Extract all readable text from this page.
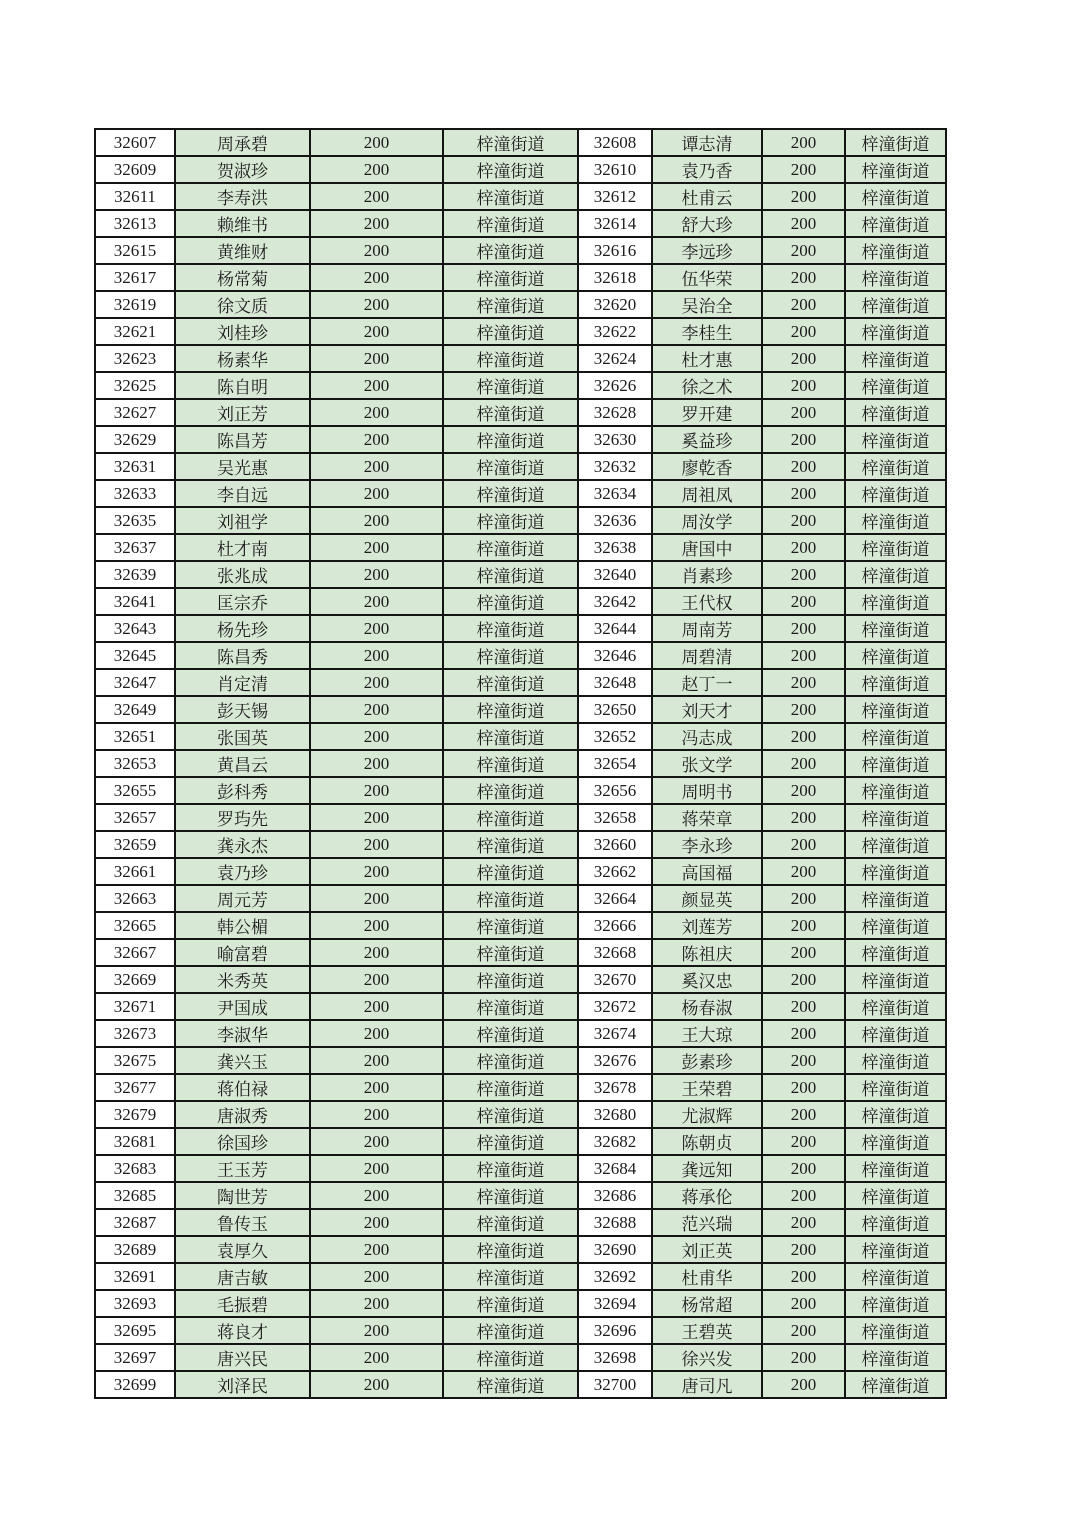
32607	周承碧	200	梓潼街道	32608	谭志清	200	梓潼街道
32609	贺淑珍	200	梓潼街道	32610	袁乃香	200	梓潼街道
32611	李寿洪	200	梓潼街道	32612	杜甫云	200	梓潼街道
32613	赖维书	200	梓潼街道	32614	舒大珍	200	梓潼街道
32615	黄维财	200	梓潼街道	32616	李远珍	200	梓潼街道
32617	杨常菊	200	梓潼街道	32618	伍华荣	200	梓潼街道
32619	徐文质	200	梓潼街道	32620	吴治全	200	梓潼街道
32621	刘桂珍	200	梓潼街道	32622	李桂生	200	梓潼街道
32623	杨素华	200	梓潼街道	32624	杜才惠	200	梓潼街道
32625	陈自明	200	梓潼街道	32626	徐之术	200	梓潼街道
32627	刘正芳	200	梓潼街道	32628	罗开建	200	梓潼街道
32629	陈昌芳	200	梓潼街道	32630	奚益珍	200	梓潼街道
32631	吴光惠	200	梓潼街道	32632	廖乾香	200	梓潼街道
32633	李自远	200	梓潼街道	32634	周祖凤	200	梓潼街道
32635	刘祖学	200	梓潼街道	32636	周汝学	200	梓潼街道
32637	杜才南	200	梓潼街道	32638	唐国中	200	梓潼街道
32639	张兆成	200	梓潼街道	32640	肖素珍	200	梓潼街道
32641	匡宗乔	200	梓潼街道	32642	王代权	200	梓潼街道
32643	杨先珍	200	梓潼街道	32644	周南芳	200	梓潼街道
32645	陈昌秀	200	梓潼街道	32646	周碧清	200	梓潼街道
32647	肖定清	200	梓潼街道	32648	赵丁一	200	梓潼街道
32649	彭天锡	200	梓潼街道	32650	刘天才	200	梓潼街道
32651	张国英	200	梓潼街道	32652	冯志成	200	梓潼街道
32653	黄昌云	200	梓潼街道	32654	张文学	200	梓潼街道
32655	彭科秀	200	梓潼街道	32656	周明书	200	梓潼街道
32657	罗玙先	200	梓潼街道	32658	蒋荣章	200	梓潼街道
32659	龚永杰	200	梓潼街道	32660	李永珍	200	梓潼街道
32661	袁乃珍	200	梓潼街道	32662	高国福	200	梓潼街道
32663	周元芳	200	梓潼街道	32664	颜显英	200	梓潼街道
32665	韩公楣	200	梓潼街道	32666	刘莲芳	200	梓潼街道
32667	喻富碧	200	梓潼街道	32668	陈祖庆	200	梓潼街道
32669	米秀英	200	梓潼街道	32670	奚汉忠	200	梓潼街道
32671	尹国成	200	梓潼街道	32672	杨春淑	200	梓潼街道
32673	李淑华	200	梓潼街道	32674	王大琼	200	梓潼街道
32675	龚兴玉	200	梓潼街道	32676	彭素珍	200	梓潼街道
32677	蒋伯禄	200	梓潼街道	32678	王荣碧	200	梓潼街道
32679	唐淑秀	200	梓潼街道	32680	尤淑辉	200	梓潼街道
32681	徐国珍	200	梓潼街道	32682	陈朝贞	200	梓潼街道
32683	王玉芳	200	梓潼街道	32684	龚远知	200	梓潼街道
32685	陶世芳	200	梓潼街道	32686	蒋承伦	200	梓潼街道
32687	鲁传玉	200	梓潼街道	32688	范兴瑞	200	梓潼街道
32689	袁厚久	200	梓潼街道	32690	刘正英	200	梓潼街道
32691	唐吉敏	200	梓潼街道	32692	杜甫华	200	梓潼街道
32693	毛振碧	200	梓潼街道	32694	杨常超	200	梓潼街道
32695	蒋良才	200	梓潼街道	32696	王碧英	200	梓潼街道
32697	唐兴民	200	梓潼街道	32698	徐兴发	200	梓潼街道
32699	刘泽民	200	梓潼街道	32700	唐司凡	200	梓潼街道
